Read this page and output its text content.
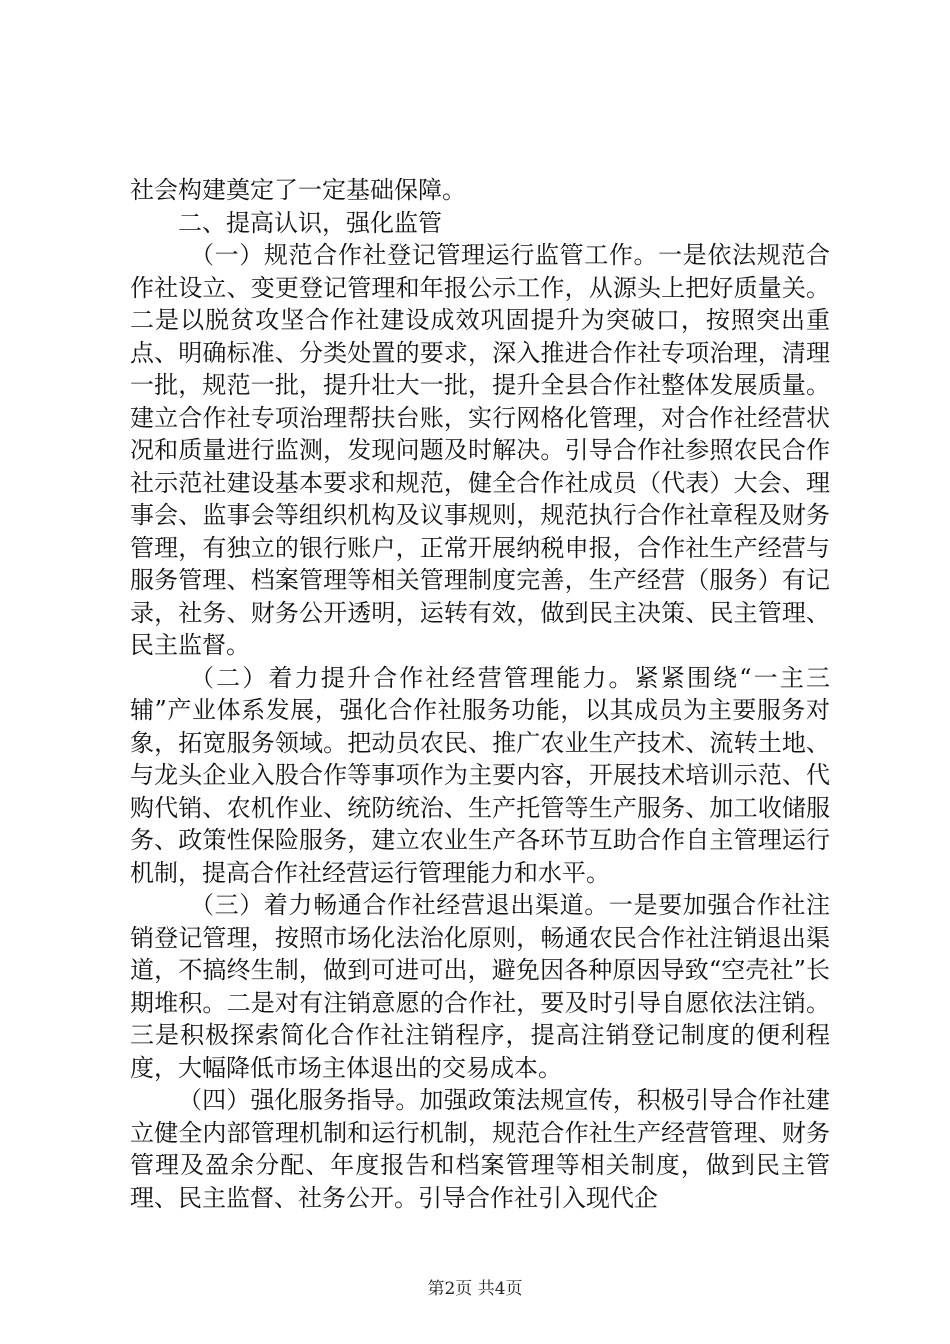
社会构建奠定了一定基础保障。

二、提高认识，强化监管

（一）规范合作社登记管理运行监管工作。一是依法规范合作社设立、变更登记管理和年报公示工作，从源头上把好质量关。二是以脱贫攻坚合作社建设成效巩固提升为突破口，按照突出重点、明确标准、分类处置的要求，深入推进合作社专项治理，清理一批，规范一批，提升壮大一批，提升全县合作社整体发展质量。建立合作社专项治理帮扶台账，实行网格化管理，对合作社经营状况和质量进行监测，发现问题及时解决。引导合作社参照农民合作社示范社建设基本要求和规范，健全合作社成员（代表）大会、理事会、监事会等组织机构及议事规则，规范执行合作社章程及财务管理，有独立的银行账户，正常开展纳税申报，合作社生产经营与服务管理、档案管理等相关管理制度完善，生产经营（服务）有记录，社务、财务公开透明，运转有效，做到民主决策、民主管理、民主监督。

（二）着力提升合作社经营管理能力。紧紧围绕“一主三辅”产业体系发展，强化合作社服务功能，以其成员为主要服务对象，拓宽服务领域。把动员农民、推广农业生产技术、流转土地、与龙头企业入股合作等事项作为主要内容，开展技术培训示范、代购代销、农机作业、统防统治、生产托管等生产服务、加工收储服务、政策性保险服务，建立农业生产各环节互助合作自主管理运行机制，提高合作社经营运行管理能力和水平。

（三）着力畅通合作社经营退出渠道。一是要加强合作社注销登记管理，按照市场化法治化原则，畅通农民合作社注销退出渠道，不搞终生制，做到可进可出，避免因各种原因导致“空壳社”长期堆积。二是对有注销意愿的合作社，要及时引导自愿依法注销。三是积极探索简化合作社注销程序，提高注销登记制度的便利程度，大幅降低市场主体退出的交易成本。

（四）强化服务指导。加强政策法规宣传，积极引导合作社建立健全内部管理机制和运行机制，规范合作社生产经营管理、财务管理及盈余分配、年度报告和档案管理等相关制度，做到民主管理、民主监督、社务公开。引导合作社引入现代企

第2页 共4页
